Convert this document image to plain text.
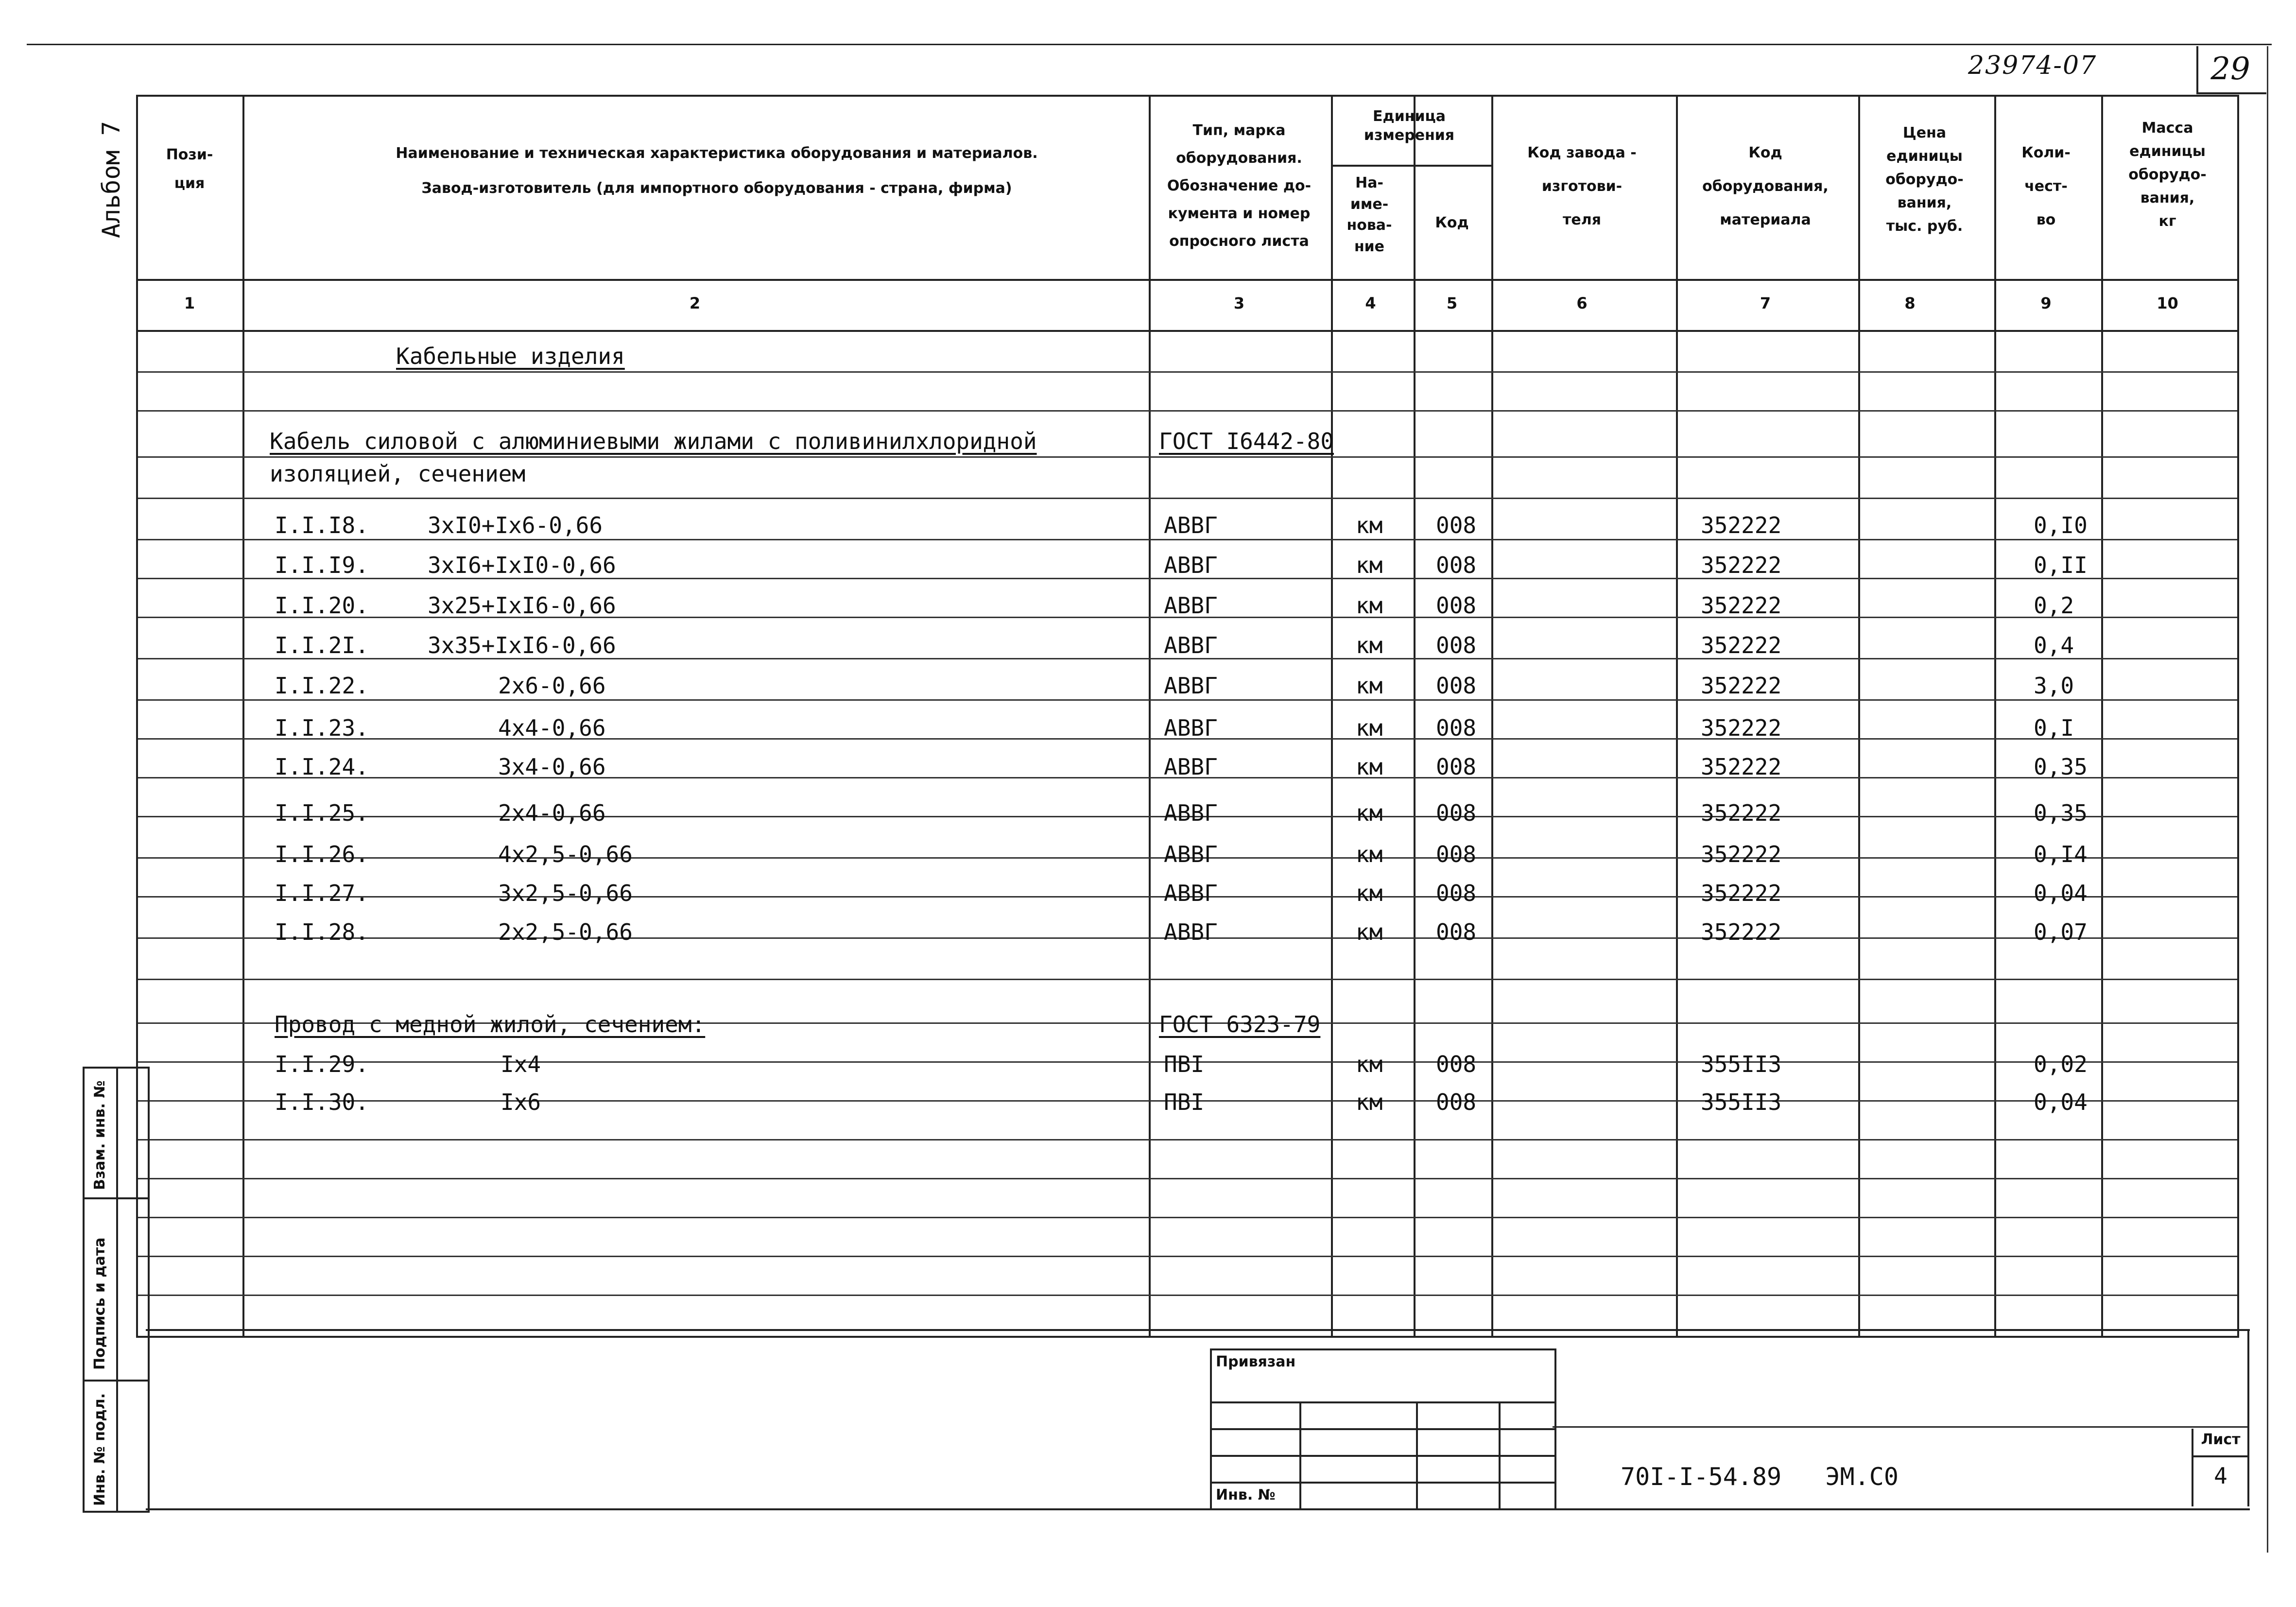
23974-07	29
Альбом 7	Пози-
ция
Наименование и техническая характеристика оборудования и материалов.
Завод-изготовитель (для импортного оборудования - страна, фирма)
Тип, марка
оборудования.
Обозначение до-
кумента и номер
опросного листа
Единица
измерения
На-
име-
нова-
ние
Код
Код завода -
изготови-
теля
Код
оборудования,
материала
Цена
единицы
оборудо-
вания,
тыс. руб.
Коли-
чест-
во
Масса
единицы
оборудо-
вания,
кг
1	2	3	4	5	6	7	8	9	10
Кабельные изделия
Кабель силовой с алюминиевыми жилами с поливинилхлоридной
изоляцией, сечением
ГОСТ I6442-80
I.I.I8.	3xI0+Ix6-0,66	АВВГ	км 008	352222	0,I0
I.I.I9.	3xI6+IxI0-0,66	АВВГ	км 008	352222	0,II
I.I.20.	3x25+IxI6-0,66	АВВГ	км 008	352222	0,2
I.I.2I.	3x35+IxI6-0,66	АВВГ	км 008	352222	0,4
I.I.22.	2x6-0,66	АВВГ	км 008	352222	3,0
I.I.23.	4x4-0,66	АВВГ	км 008	352222	0,I
I.I.24.	3x4-0,66	АВВГ	км 008	352222	0,35
I.I.25.	2x4-0,66	АВВГ	км 008	352222	0,35
I.I.26.	4x2,5-0,66	АВВГ	км 008	352222	0,I4
I.I.27.	3x2,5-0,66	АВВГ	км 008	352222	0,04
I.I.28.	2x2,5-0,66	АВВГ	км 008	352222	0,07
Провод с медной жилой, сечением:	ГОСТ 6323-79
I.I.29.	Ix4	ПВI	км 008	355II3	0,02
I.I.30.	Ix6	ПВI	км 008	355II3	0,04
Взам. инв. №
Подпись и дата
Инв. № подл.
Привязан
Инв. №
70I-I-54.89   ЭМ.С0
Лист
4
